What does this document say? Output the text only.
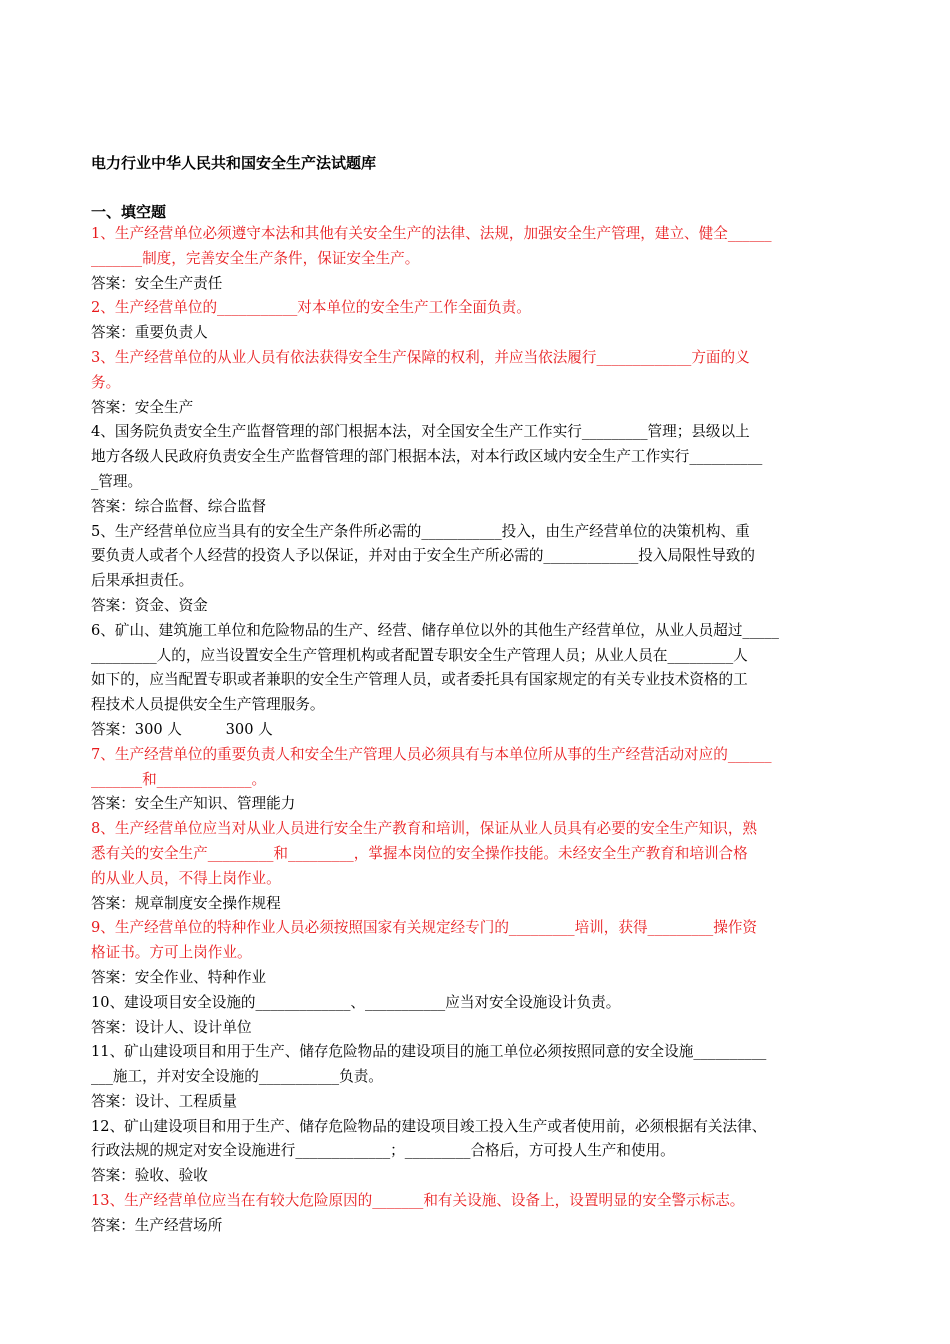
电力行业中华人民共和国安全生产法试题库
一、填空题
1、生产经营单位必须遵守本法和其他有关安全生产的法律、法规，加强安全生产管理，建立、健全______
_______制度，完善安全生产条件，保证安全生产。
答案：安全生产责任
2、生产经营单位的___________对本单位的安全生产工作全面负责。
答案：重要负责人
3、生产经营单位的从业人员有依法获得安全生产保障的权利，并应当依法履行_____________方面的义
务。
答案：安全生产
4、国务院负责安全生产监督管理的部门根据本法，对全国安全生产工作实行_________管理；县级以上
地方各级人民政府负责安全生产监督管理的部门根据本法，对本行政区域内安全生产工作实行__________
_管理。
答案：综合监督、综合监督
5、生产经营单位应当具有的安全生产条件所必需的___________投入，由生产经营单位的决策机构、重
要负责人或者个人经营的投资人予以保证，并对由于安全生产所必需的_____________投入局限性导致的
后果承担责任。
答案：资金、资金
6、矿山、建筑施工单位和危险物品的生产、经营、储存单位以外的其他生产经营单位，从业人员超过_____
_________人的，应当设置安全生产管理机构或者配置专职安全生产管理人员；从业人员在_________人
如下的，应当配置专职或者兼职的安全生产管理人员，或者委托具有国家规定的有关专业技术资格的工
程技术人员提供安全生产管理服务。
答案：300 人　　　300 人
7、生产经营单位的重要负责人和安全生产管理人员必须具有与本单位所从事的生产经营活动对应的______
_______和_____________。
答案：安全生产知识、管理能力
8、生产经营单位应当对从业人员进行安全生产教育和培训，保证从业人员具有必要的安全生产知识，熟
悉有关的安全生产_________和_________，掌握本岗位的安全操作技能。未经安全生产教育和培训合格
的从业人员，不得上岗作业。
答案：规章制度安全操作规程
9、生产经营单位的特种作业人员必须按照国家有关规定经专门的_________培训，获得_________操作资
格证书。方可上岗作业。
答案：安全作业、特种作业
10、建设项目安全设施的_____________、___________应当对安全设施设计负责。
答案：设计人、设计单位
11、矿山建设项目和用于生产、储存危险物品的建设项目的施工单位必须按照同意的安全设施__________
___施工，并对安全设施的___________负责。
答案：设计、工程质量
12、矿山建设项目和用于生产、储存危险物品的建设项目竣工投入生产或者使用前，必须根据有关法律、
行政法规的规定对安全设施进行_____________；_________合格后，方可投人生产和使用。
答案：验收、验收
13、生产经营单位应当在有较大危险原因的_______和有关设施、设备上，设置明显的安全警示标志。
答案：生产经营场所
